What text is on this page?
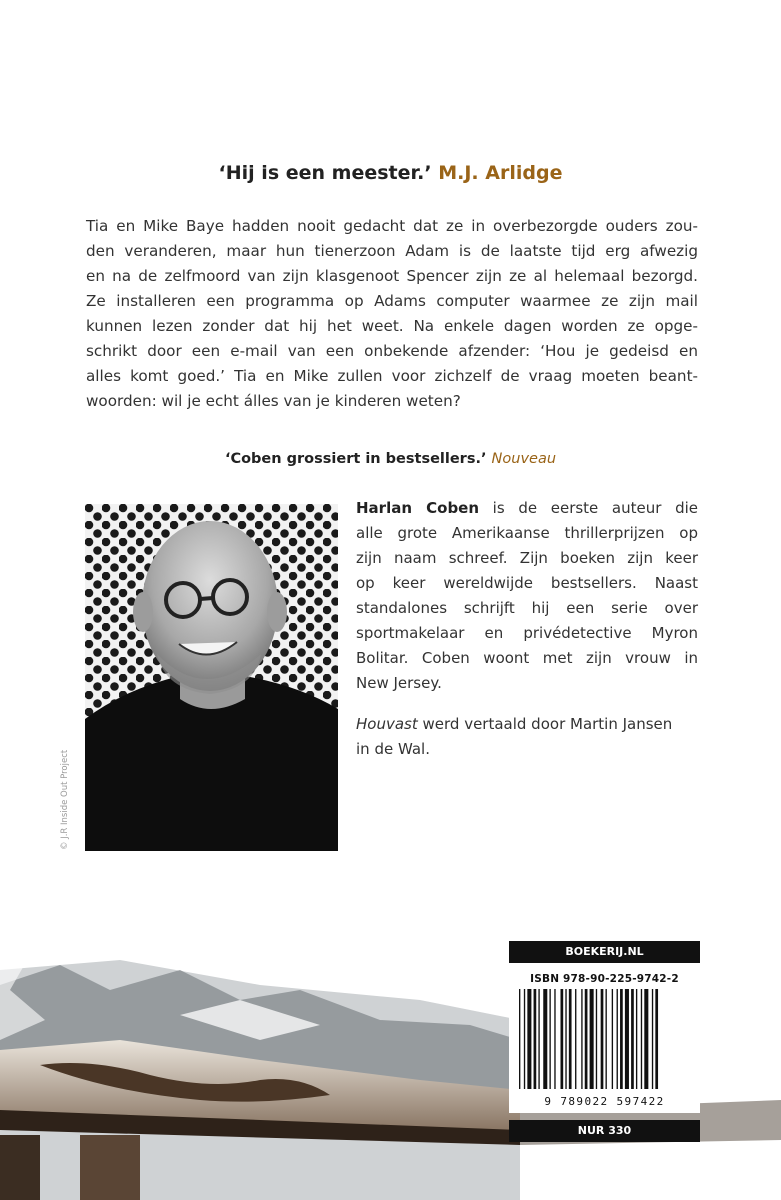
‘Hij is een meester.’ M.J. Arlidge
Tia en Mike Baye hadden nooit gedacht dat ze in overbezorgde ouders zou-
den veranderen, maar hun tienerzoon Adam is de laatste tijd erg afwezig
en na de zelfmoord van zijn klasgenoot Spencer zijn ze al helemaal bezorgd.
Ze installeren een programma op Adams computer waarmee ze zijn mail
kunnen lezen zonder dat hij het weet. Na enkele dagen worden ze opge-
schrikt door een e-mail van een onbekende afzender: ‘Hou je gedeisd en
alles komt goed.’ Tia en Mike zullen voor zichzelf de vraag moeten beant-
woorden: wil je echt álles van je kinderen weten?
‘Coben grossiert in bestsellers.’ Nouveau
© J.R Inside Out Project

Harlan Coben is de eerste auteur die
alle grote Amerikaanse thrillerprijzen op
zijn naam schreef. Zijn boeken zijn keer
op keer wereldwijde bestsellers. Naast
standalones schrijft hij een serie over
sportmakelaar en privédetective Myron
Bolitar. Coben woont met zijn vrouw in
New Jersey.

Houvast werd vertaald door Martin Jansen
in de Wal.

BOEKERIJ.NL
ISBN 978-90-225-9742-2
9 789022 597422
NUR 330
